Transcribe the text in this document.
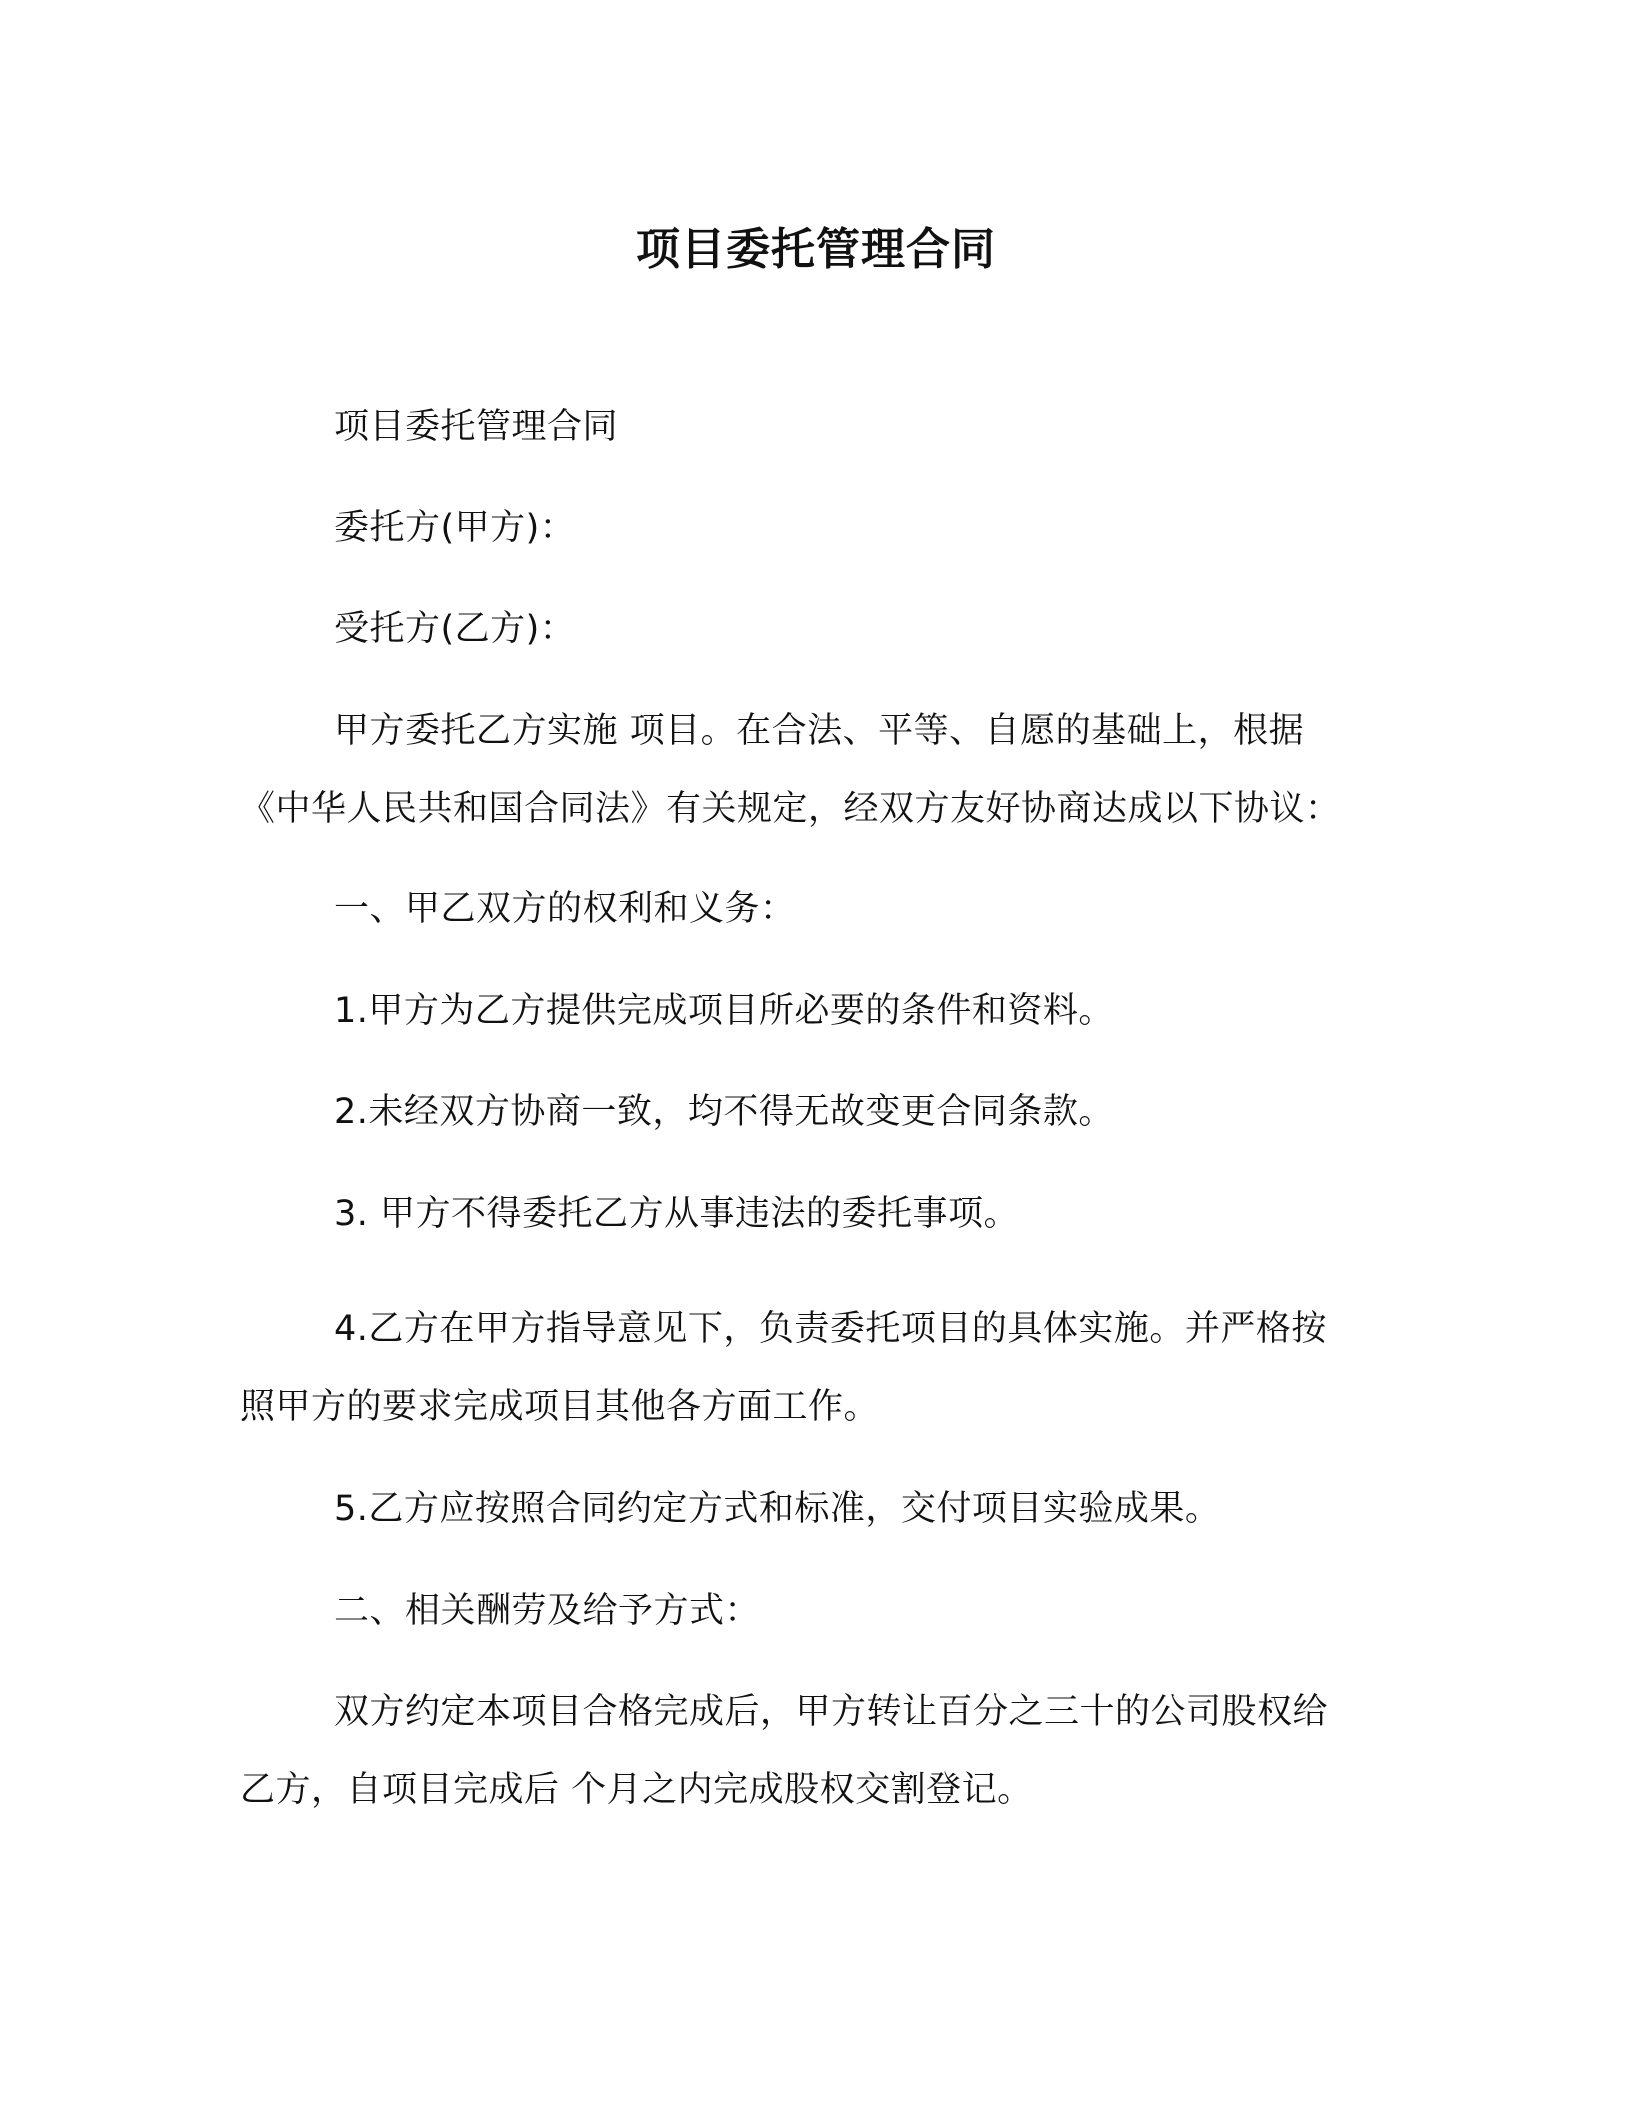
项目委托管理合同
项目委托管理合同
委托方(甲方)：
受托方(乙方)：
甲方委托乙方实施 项目。在合法、平等、自愿的基础上，根据
《中华人民共和国合同法》有关规定，经双方友好协商达成以下协议：
一、甲乙双方的权利和义务：
1.甲方为乙方提供完成项目所必要的条件和资料。
2.未经双方协商一致，均不得无故变更合同条款。
3. 甲方不得委托乙方从事违法的委托事项。
4.乙方在甲方指导意见下，负责委托项目的具体实施。并严格按
照甲方的要求完成项目其他各方面工作。
5.乙方应按照合同约定方式和标准，交付项目实验成果。
二、相关酬劳及给予方式：
双方约定本项目合格完成后，甲方转让百分之三十的公司股权给
乙方，自项目完成后 个月之内完成股权交割登记。
